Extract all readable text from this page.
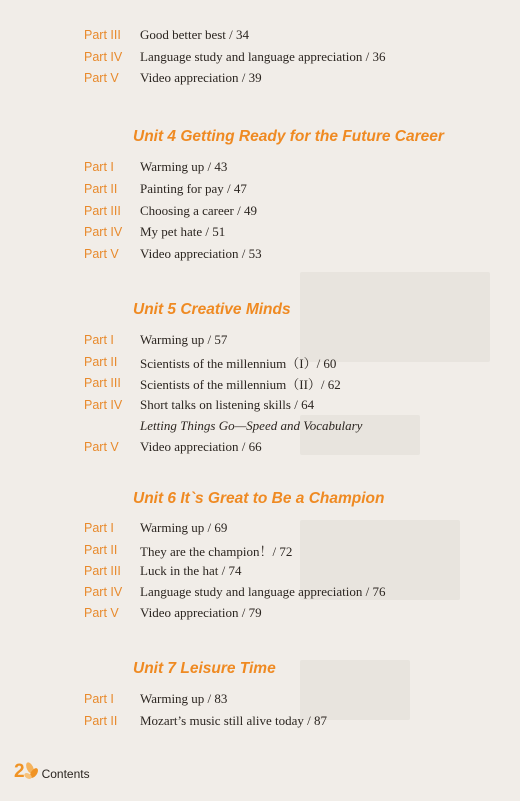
Part III	Good better best / 34
Part IV	Language study and language appreciation / 36
Part V	Video appreciation / 39
Unit 4 Getting Ready for the Future Career
Part I	Warming up / 43
Part II	Painting for pay / 47
Part III	Choosing a career / 49
Part IV	My pet hate / 51
Part V	Video appreciation / 53
Unit 5 Creative Minds
Part I	Warming up / 57
Part II	Scientists of the millennium（I）/ 60
Part III	Scientists of the millennium（II）/ 62
Part IV	Short talks on listening skills / 64
Letting Things Go—Speed and Vocabulary
Part V	Video appreciation / 66
Unit 6 It`s Great to Be a Champion
Part I	Warming up / 69
Part II	They are the champion！/ 72
Part III	Luck in the hat / 74
Part IV	Language study and language appreciation / 76
Part V	Video appreciation / 79
Unit 7 Leisure Time
Part I	Warming up / 83
Part II	Mozart’s music still alive today / 87
2 Contents
